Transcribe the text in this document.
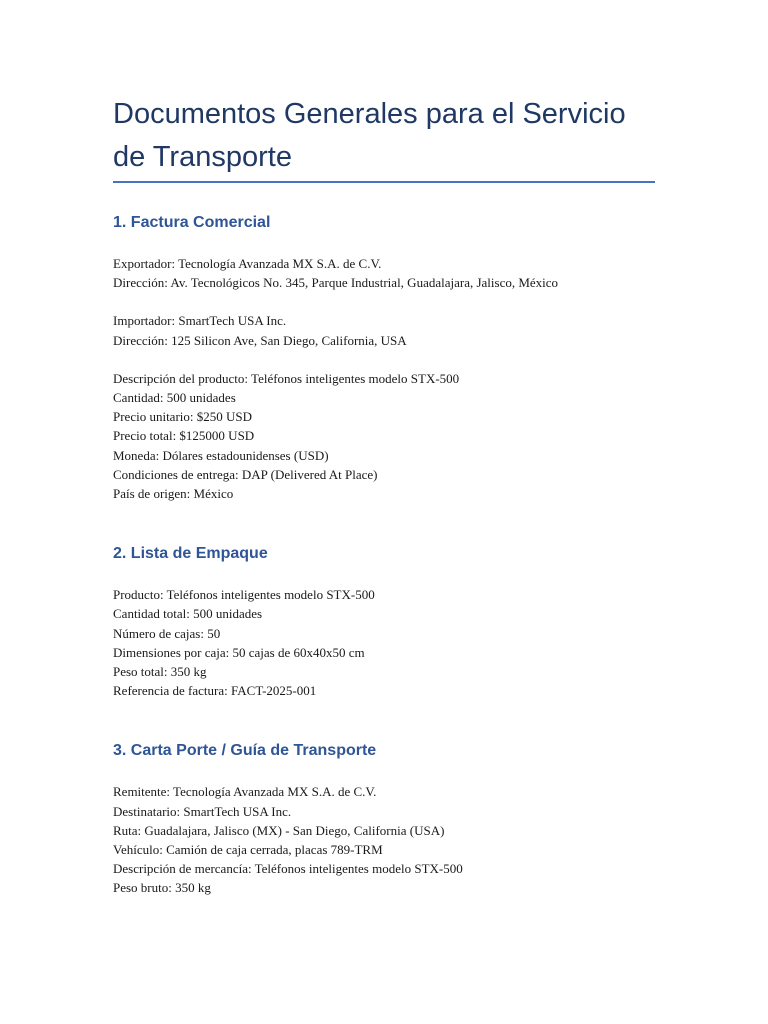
Documentos Generales para el Servicio
de Transporte
1. Factura Comercial

Exportador: Tecnología Avanzada MX S.A. de C.V.
Dirección: Av. Tecnológicos No. 345, Parque Industrial, Guadalajara, Jalisco, México

Importador: SmartTech USA Inc.
Dirección: 125 Silicon Ave, San Diego, California, USA

Descripción del producto: Teléfonos inteligentes modelo STX-500
Cantidad: 500 unidades
Precio unitario: $250 USD
Precio total: $125000 USD
Moneda: Dólares estadounidenses (USD)
Condiciones de entrega: DAP (Delivered At Place)
País de origen: México

2. Lista de Empaque

Producto: Teléfonos inteligentes modelo STX-500
Cantidad total: 500 unidades
Número de cajas: 50
Dimensiones por caja: 50 cajas de 60x40x50 cm
Peso total: 350 kg
Referencia de factura: FACT-2025-001

3. Carta Porte / Guía de Transporte

Remitente: Tecnología Avanzada MX S.A. de C.V.
Destinatario: SmartTech USA Inc.
Ruta: Guadalajara, Jalisco (MX) - San Diego, California (USA)
Vehículo: Camión de caja cerrada, placas 789-TRM
Descripción de mercancía: Teléfonos inteligentes modelo STX-500
Peso bruto: 350 kg
